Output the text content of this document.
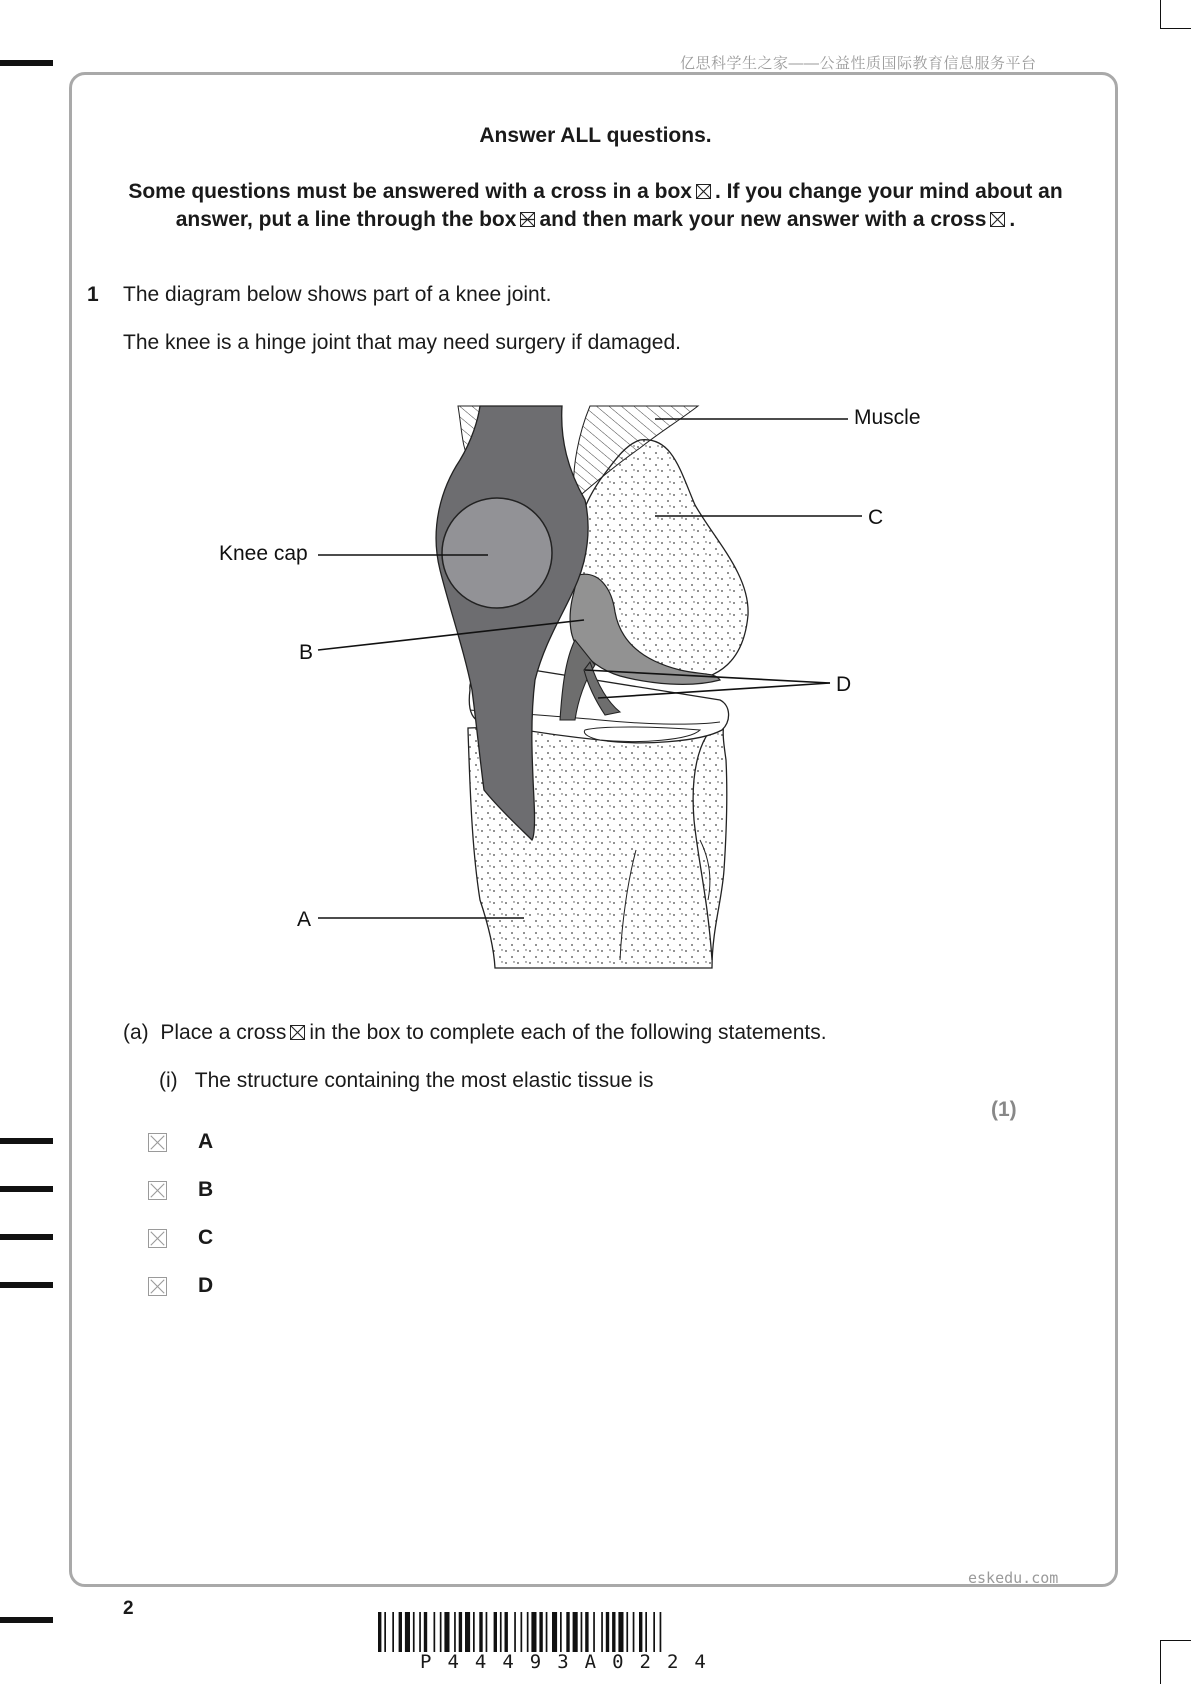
亿思科学生之家——公益性质国际教育信息服务平台
eskedu.com
Answer ALL questions.
Some questions must be answered with a cross in a box ☒ . If you change your mind about an
answer, put a line through the box and then mark your new answer with a cross ☒ .
1 The diagram below shows part of a knee joint.
The knee is a hinge joint that may need surgery if damaged.
Muscle
C
Knee cap
B
D
A
(a) Place a cross ☒ in the box to complete each of the following statements.
(i) The structure containing the most elastic tissue is
(1)
A
B
C
D
2
P44493A0224
